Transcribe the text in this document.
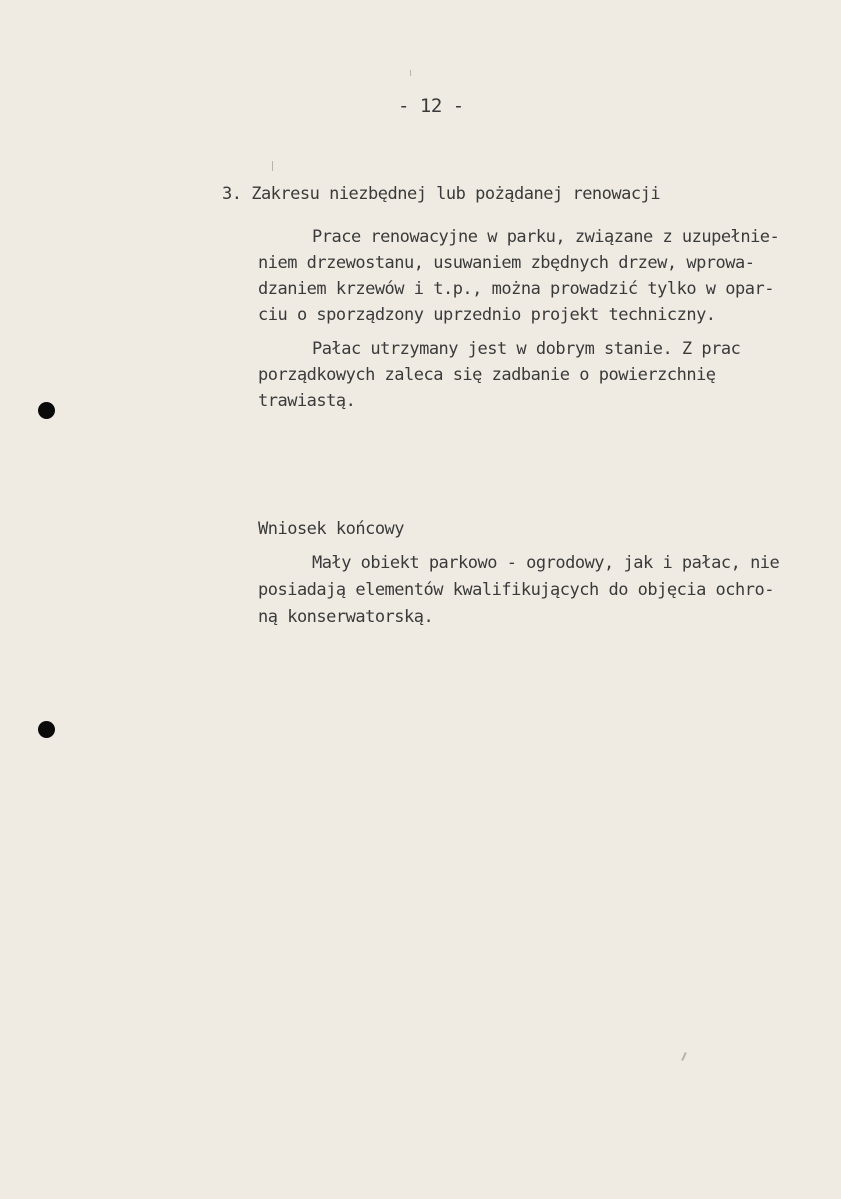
- 12 -
3. Zakresu niezbędnej lub pożądanej renowacji
Prace renowacyjne w parku, związane z uzupełnie-
niem drzewostanu, usuwaniem zbędnych drzew, wprowa-
dzaniem krzewów i t.p., można prowadzić tylko w opar-
ciu o sporządzony uprzednio projekt techniczny.
Pałac utrzymany jest w dobrym stanie. Z prac
porządkowych zaleca się zadbanie o powierzchnię
trawiastą.
Wniosek końcowy
Mały obiekt parkowo - ogrodowy, jak i pałac, nie
posiadają elementów kwalifikujących do objęcia ochro-
ną konserwatorską.
